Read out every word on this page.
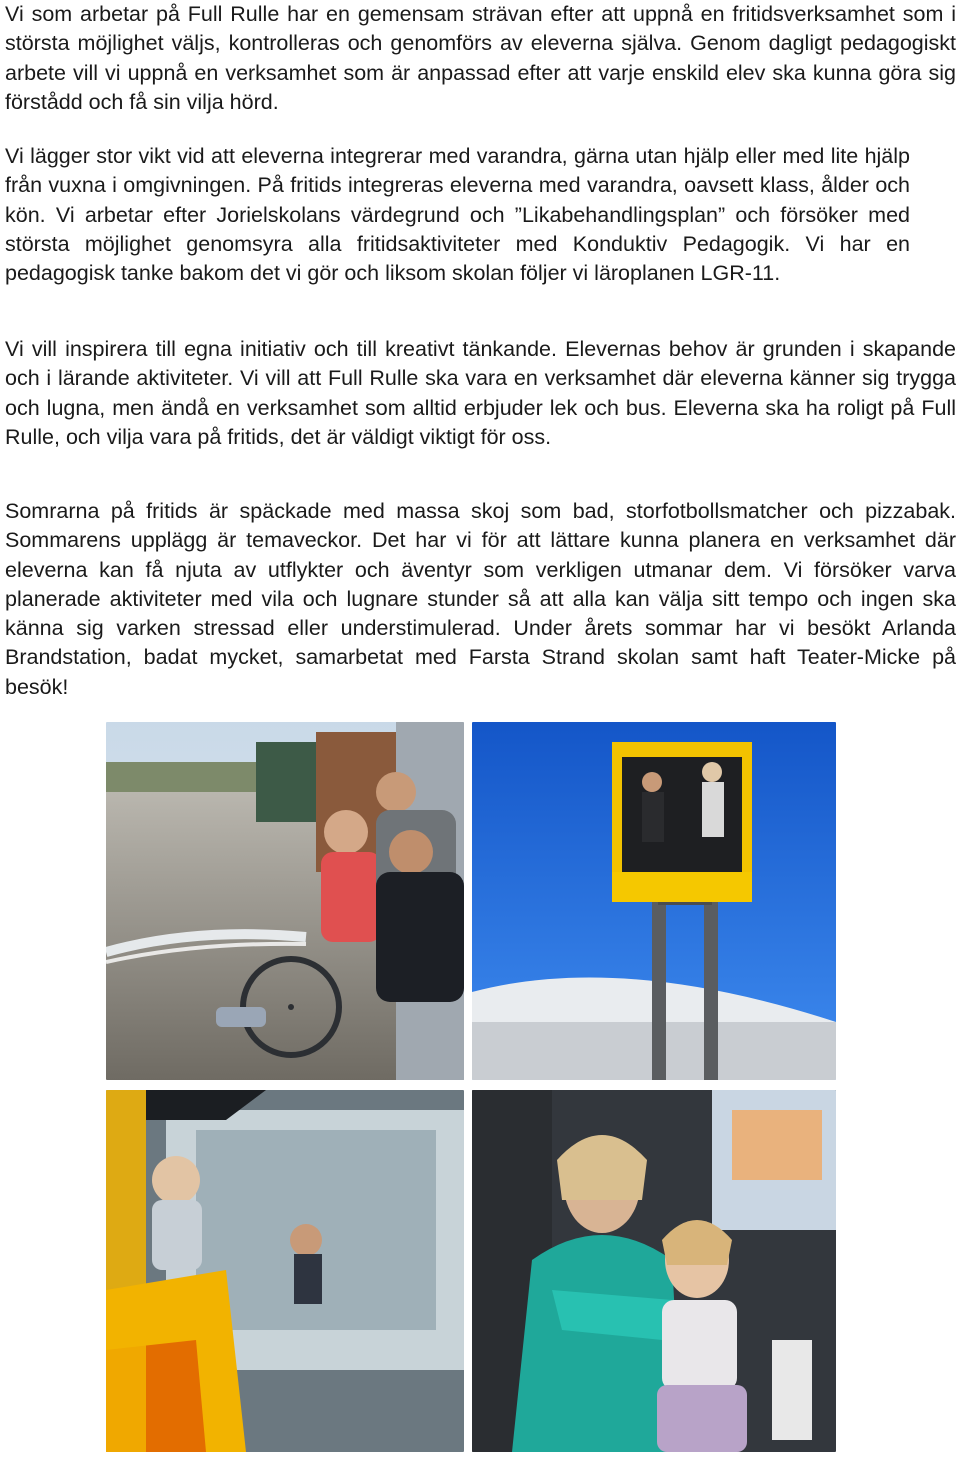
Vi som arbetar på Full Rulle har en gemensam strävan efter att uppnå en fritidsverksamhet som i största möjlighet väljs, kontrolleras och genomförs av eleverna själva. Genom dagligt pedagogiskt arbete vill vi uppnå en verksamhet som är anpassad efter att varje enskild elev ska kunna göra sig förstådd och få sin vilja hörd.

Vi lägger stor vikt vid att eleverna integrerar med varandra, gärna utan hjälp eller med lite hjälp från vuxna i omgivningen. På fritids integreras eleverna med varandra, oavsett klass, ålder och kön. Vi arbetar efter Jorielskolans värdegrund och ”Likabehandlingsplan” och försöker med största möjlighet genomsyra alla fritidsaktiviteter med Konduktiv Pedagogik. Vi har en pedagogisk tanke bakom det vi gör och liksom skolan följer vi läroplanen LGR-11.

Vi vill inspirera till egna initiativ och till kreativt tänkande. Elevernas behov är grunden i skapande och i lärande aktiviteter. Vi vill att Full Rulle ska vara en verksamhet där eleverna känner sig trygga och lugna, men ändå en verksamhet som alltid erbjuder lek och bus. Eleverna ska ha roligt på Full Rulle, och vilja vara på fritids, det är väldigt viktigt för oss.

Somrarna på fritids är späckade med massa skoj som bad, storfotbollsmatcher och pizzabak. Sommarens upplägg är temaveckor. Det har vi för att lättare kunna planera en verksamhet där eleverna kan få njuta av utflykter och äventyr som verkligen utmanar dem. Vi försöker varva planerade aktiviteter med vila och lugnare stunder så att alla kan välja sitt tempo och ingen ska känna sig varken stressad eller understimulerad. Under årets sommar har vi besökt Arlanda Brandstation, badat mycket, samarbetat med Farsta Strand skolan samt haft Teater-Micke på besök!
